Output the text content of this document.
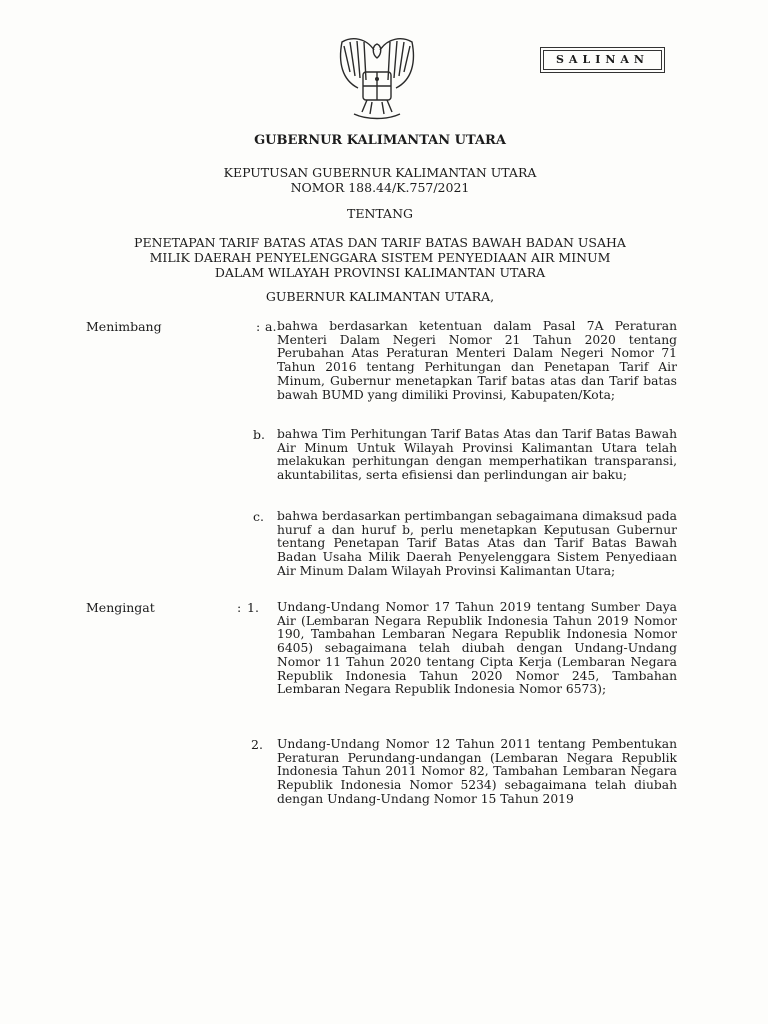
SALINAN
GUBERNUR KALIMANTAN UTARA
KEPUTUSAN GUBERNUR KALIMANTAN UTARA
NOMOR 188.44/K.757/2021
TENTANG
PENETAPAN TARIF BATAS ATAS DAN TARIF BATAS BAWAH BADAN USAHA
MILIK DAERAH PENYELENGGARA SISTEM PENYEDIAAN AIR MINUM
DALAM WILAYAH PROVINSI KALIMANTAN UTARA
GUBERNUR KALIMANTAN UTARA,
Menimbang	: a. bahwa berdasarkan ketentuan dalam Pasal 7A Peraturan Menteri Dalam Negeri Nomor 21 Tahun 2020 tentang Perubahan Atas Peraturan Menteri Dalam Negeri Nomor 71 Tahun 2016 tentang Perhitungan dan Penetapan Tarif Air Minum, Gubernur menetapkan Tarif batas atas dan Tarif batas bawah BUMD yang dimiliki Provinsi, Kabupaten/Kota;

b. bahwa Tim Perhitungan Tarif Batas Atas dan Tarif Batas Bawah Air Minum Untuk Wilayah Provinsi Kalimantan Utara telah melakukan perhitungan dengan memperhatikan transparansi, akuntabilitas, serta efisiensi dan perlindungan air baku;

c. bahwa berdasarkan pertimbangan sebagaimana dimaksud pada huruf a dan huruf b, perlu menetapkan Keputusan Gubernur tentang Penetapan Tarif Batas Atas dan Tarif Batas Bawah Badan Usaha Milik Daerah Penyelenggara Sistem Penyediaan Air Minum Dalam Wilayah Provinsi Kalimantan Utara;

Mengingat	: 1. Undang-Undang Nomor 17 Tahun 2019 tentang Sumber Daya Air (Lembaran Negara Republik Indonesia Tahun 2019 Nomor 190, Tambahan Lembaran Negara Republik Indonesia Nomor 6405) sebagaimana telah diubah dengan Undang-Undang Nomor 11 Tahun 2020 tentang Cipta Kerja (Lembaran Negara Republik Indonesia Tahun 2020 Nomor 245, Tambahan Lembaran Negara Republik Indonesia Nomor 6573);

2. Undang-Undang Nomor 12 Tahun 2011 tentang Pembentukan Peraturan Perundang-undangan (Lembaran Negara Republik Indonesia Tahun 2011 Nomor 82, Tambahan Lembaran Negara Republik Indonesia Nomor 5234) sebagaimana telah diubah dengan Undang-Undang Nomor 15 Tahun 2019
